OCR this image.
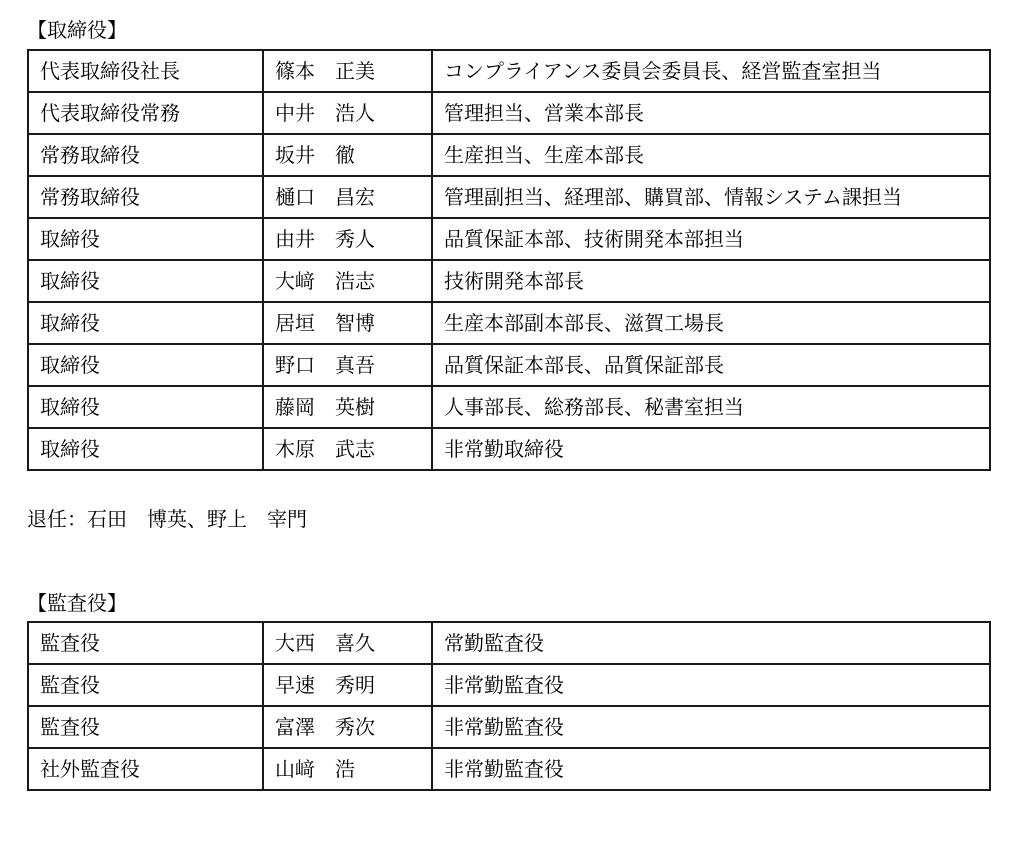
【取締役】
代表取締役社長	篠本　正美	コンプライアンス委員会委員長、経営監査室担当
代表取締役常務	中井　浩人	管理担当、営業本部長
常務取締役	坂井　徹	生産担当、生産本部長
常務取締役	樋口　昌宏	管理副担当、経理部、購買部、情報システム課担当
取締役	由井　秀人	品質保証本部、技術開発本部担当
取締役	大﨑　浩志	技術開発本部長
取締役	居垣　智博	生産本部副本部長、滋賀工場長
取締役	野口　真吾	品質保証本部長、品質保証部長
取締役	藤岡　英樹	人事部長、総務部長、秘書室担当
取締役	木原　武志	非常勤取締役
退任：石田　博英、野上　宰門
【監査役】
監査役	大西　喜久	常勤監査役
監査役	早速　秀明	非常勤監査役
監査役	富澤　秀次	非常勤監査役
社外監査役	山﨑　浩	非常勤監査役
